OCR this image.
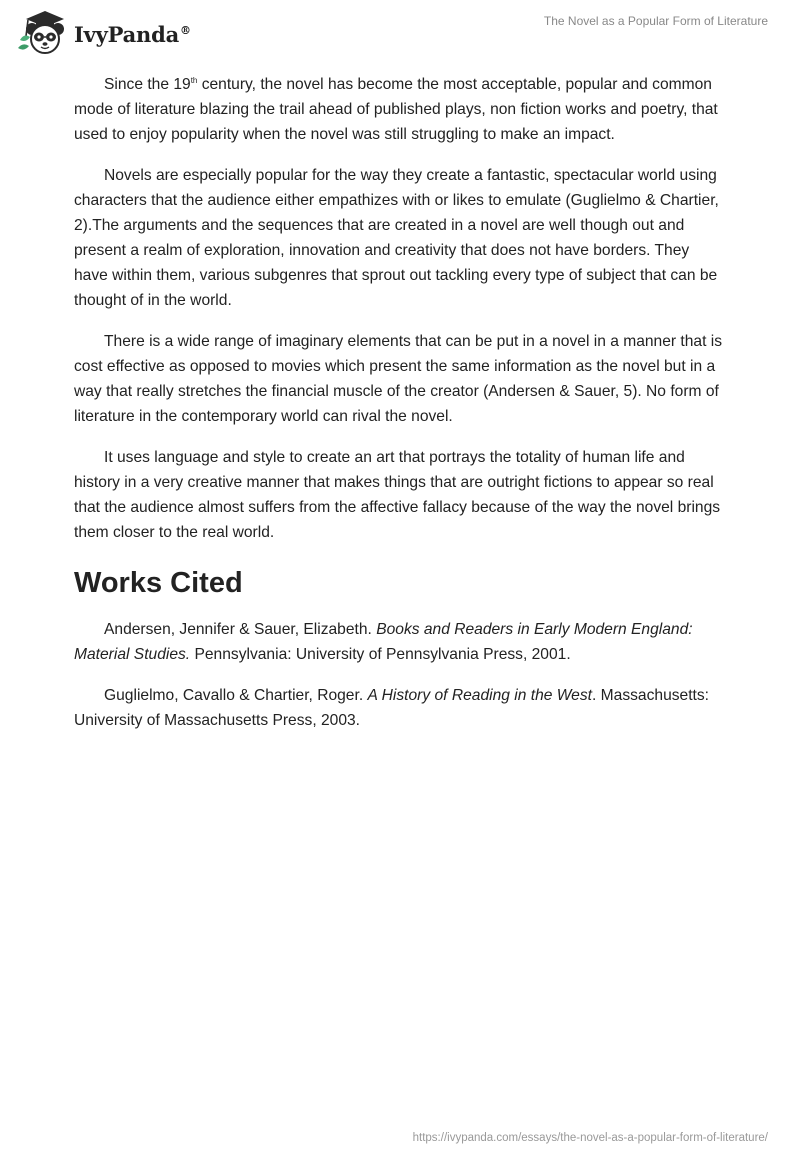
IvyPanda®
The Novel as a Popular Form of Literature

Since the 19th century, the novel has become the most acceptable, popular and common mode of literature blazing the trail ahead of published plays, non fiction works and poetry, that used to enjoy popularity when the novel was still struggling to make an impact.

Novels are especially popular for the way they create a fantastic, spectacular world using characters that the audience either empathizes with or likes to emulate (Guglielmo & Chartier, 2).The arguments and the sequences that are created in a novel are well though out and present a realm of exploration, innovation and creativity that does not have borders. They have within them, various subgenres that sprout out tackling every type of subject that can be thought of in the world.

There is a wide range of imaginary elements that can be put in a novel in a manner that is cost effective as opposed to movies which present the same information as the novel but in a way that really stretches the financial muscle of the creator (Andersen & Sauer, 5). No form of literature in the contemporary world can rival the novel.

It uses language and style to create an art that portrays the totality of human life and history in a very creative manner that makes things that are outright fictions to appear so real that the audience almost suffers from the affective fallacy because of the way the novel brings them closer to the real world.

Works Cited

Andersen, Jennifer & Sauer, Elizabeth. Books and Readers in Early Modern England: Material Studies. Pennsylvania: University of Pennsylvania Press, 2001.

Guglielmo, Cavallo & Chartier, Roger. A History of Reading in the West. Massachusetts: University of Massachusetts Press, 2003.

https://ivypanda.com/essays/the-novel-as-a-popular-form-of-literature/
